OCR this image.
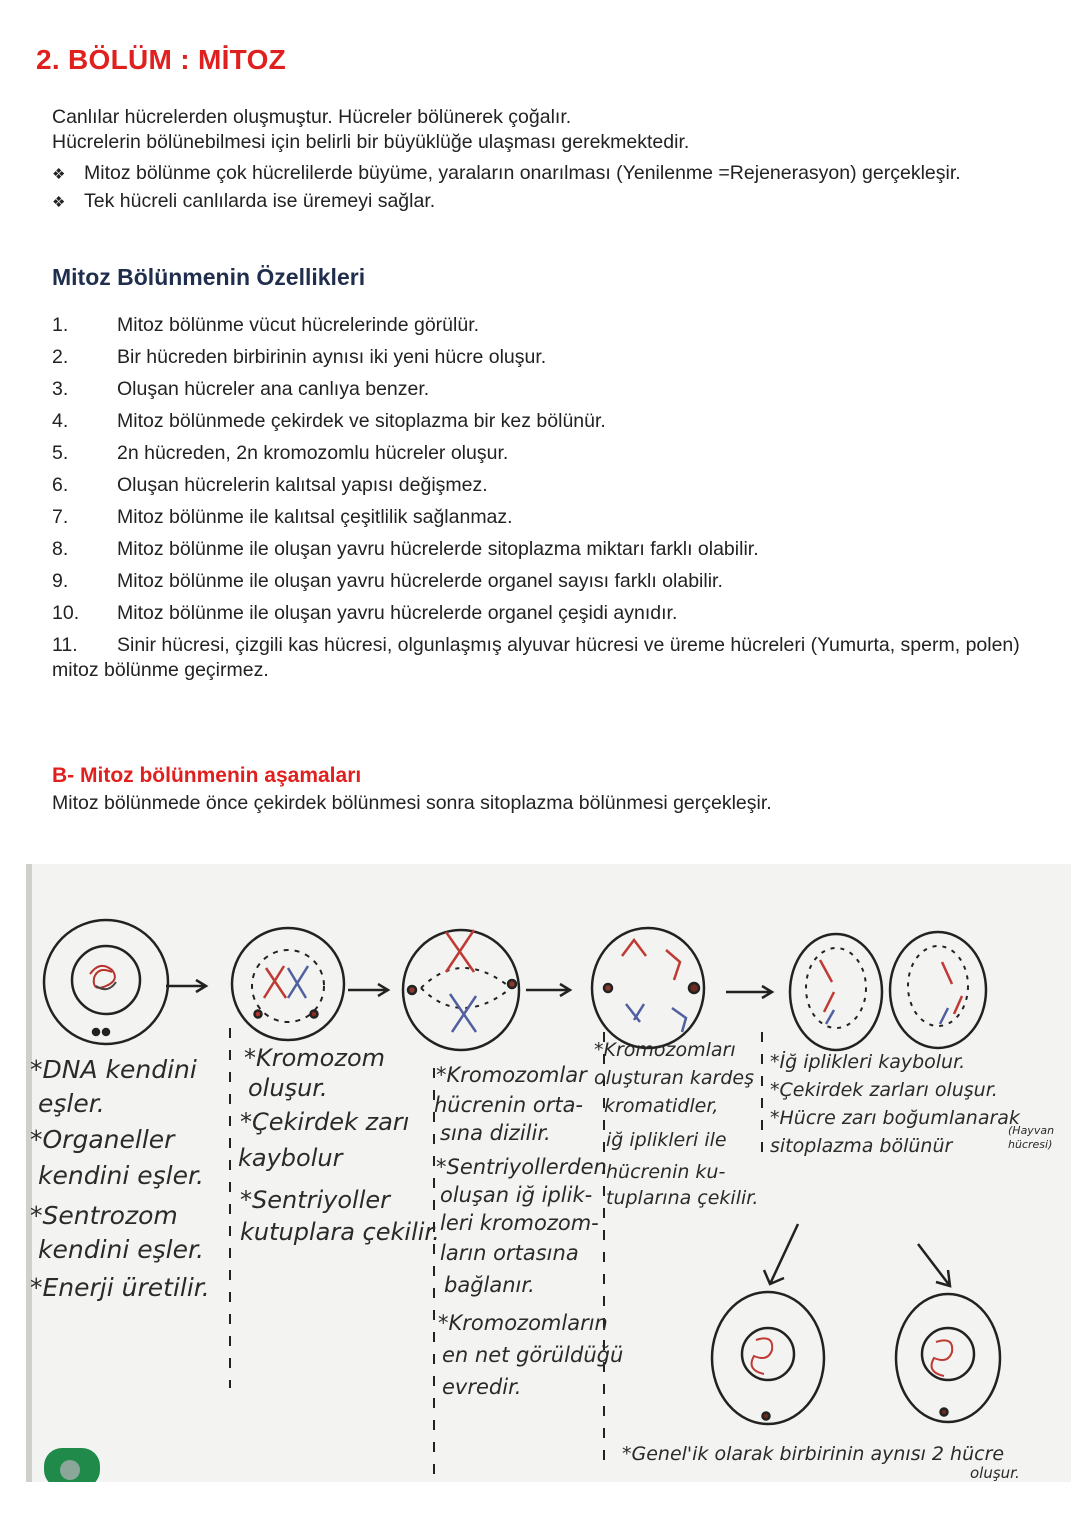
2. BÖLÜM : MİTOZ

Canlılar hücrelerden oluşmuştur. Hücreler bölünerek çoğalır.

Hücrelerin bölünebilmesi için belirli bir büyüklüğe ulaşması gerekmektedir.

❖ Mitoz bölünme çok hücrelilerde büyüme, yaraların onarılması (Yenilenme =Rejenerasyon) gerçekleşir.
❖ Tek hücreli canlılarda ise üremeyi sağlar.
Mitoz Bölünmenin Özellikleri
1.	Mitoz bölünme vücut hücrelerinde görülür.
2.	Bir hücreden birbirinin aynısı iki yeni hücre oluşur.
3.	Oluşan hücreler ana canlıya benzer.
4.	Mitoz bölünmede çekirdek ve sitoplazma bir kez bölünür.
5.	2n hücreden, 2n kromozomlu hücreler oluşur.
6.	Oluşan hücrelerin kalıtsal yapısı değişmez.
7.	Mitoz bölünme ile kalıtsal çeşitlilik sağlanmaz.
8.	Mitoz bölünme ile oluşan yavru hücrelerde sitoplazma miktarı farklı olabilir.
9.	Mitoz bölünme ile oluşan yavru hücrelerde organel sayısı farklı olabilir.
10.	Mitoz bölünme ile oluşan yavru hücrelerde organel çeşidi aynıdır.
11. Sinir hücresi, çizgili kas hücresi, olgunlaşmış alyuvar hücresi ve üreme hücreleri (Yumurta, sperm, polen) mitoz bölünme geçirmez.
B- Mitoz bölünmenin aşamaları
Mitoz bölünmede önce çekirdek bölünmesi sonra sitoplazma bölünmesi gerçekleşir.
*DNA kendini
eşler.
*Organeller
kendini eşler.
*Sentrozom
kendini eşler.
*Enerji üretilir.
*Kromozom
oluşur.
*Çekirdek zarı
kaybolur
*Sentriyoller
kutuplara çekilir.
*Kromozomlar
hücrenin orta-
sına dizilir.
*Sentriyollerden
oluşan iğ iplik-
leri kromozom-
ların ortasına
bağlanır.
*Kromozomların
en net görüldüğü
evredir.
*Kromozomları
oluşturan kardeş
kromatidler,
iğ iplikleri ile
hücrenin ku-
tuplarına çekilir.
*İğ iplikleri kaybolur.
*Çekirdek zarları oluşur.
*Hücre zarı boğumlanarak
sitoplazma bölünür
(Hayvan
hücresi)
*Genel'ik olarak birbirinin aynısı 2 hücre
oluşur.
